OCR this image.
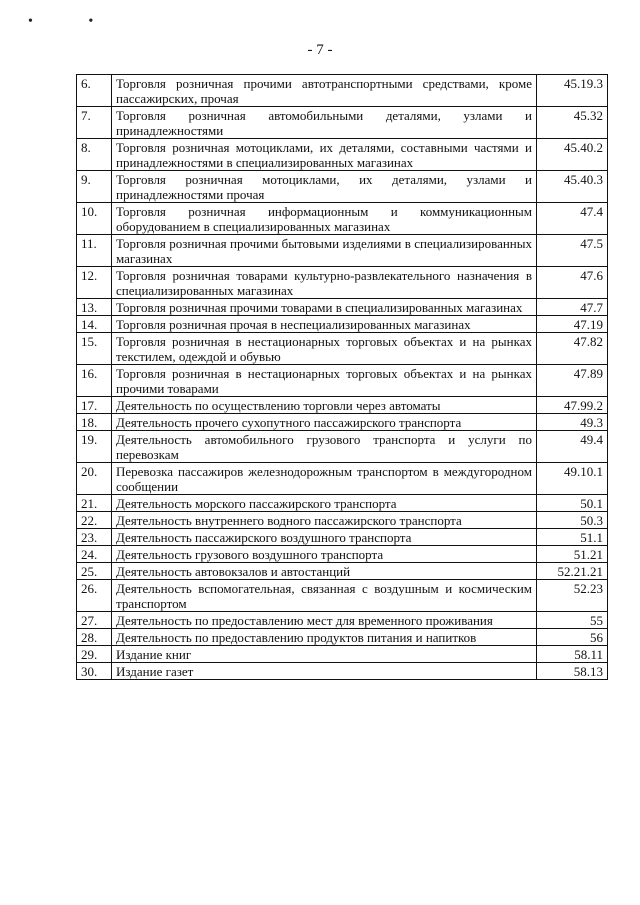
• •
- 7 -
6.	Торговля розничная прочими автотранспортными средствами, кроме пассажирских, прочая	45.19.3
7.	Торговля розничная автомобильными деталями, узлами и принадлежностями	45.32
8.	Торговля розничная мотоциклами, их деталями, составными частями и принадлежностями в специализированных магазинах	45.40.2
9.	Торговля розничная мотоциклами, их деталями, узлами и принадлежностями прочая	45.40.3
10.	Торговля розничная информационным и коммуникационным оборудованием в специализированных магазинах	47.4
11.	Торговля розничная прочими бытовыми изделиями в специализированных магазинах	47.5
12.	Торговля розничная товарами культурно-развлекательного назначения в специализированных магазинах	47.6
13.	Торговля розничная прочими товарами в специализированных магазинах	47.7
14.	Торговля розничная прочая в неспециализированных магазинах	47.19
15.	Торговля розничная в нестационарных торговых объектах и на рынках текстилем, одеждой и обувью	47.82
16.	Торговля розничная в нестационарных торговых объектах и на рынках прочими товарами	47.89
17.	Деятельность по осуществлению торговли через автоматы	47.99.2
18.	Деятельность прочего сухопутного пассажирского транспорта	49.3
19.	Деятельность автомобильного грузового транспорта и услуги по перевозкам	49.4
20.	Перевозка пассажиров железнодорожным транспортом в междугородном сообщении	49.10.1
21.	Деятельность морского пассажирского транспорта	50.1
22.	Деятельность внутреннего водного пассажирского транспорта	50.3
23.	Деятельность пассажирского воздушного транспорта	51.1
24.	Деятельность грузового воздушного транспорта	51.21
25.	Деятельность автовокзалов и автостанций	52.21.21
26.	Деятельность вспомогательная, связанная с воздушным и космическим транспортом	52.23
27.	Деятельность по предоставлению мест для временного проживания	55
28.	Деятельность по предоставлению продуктов питания и напитков	56
29.	Издание книг	58.11
30.	Издание газет	58.13
